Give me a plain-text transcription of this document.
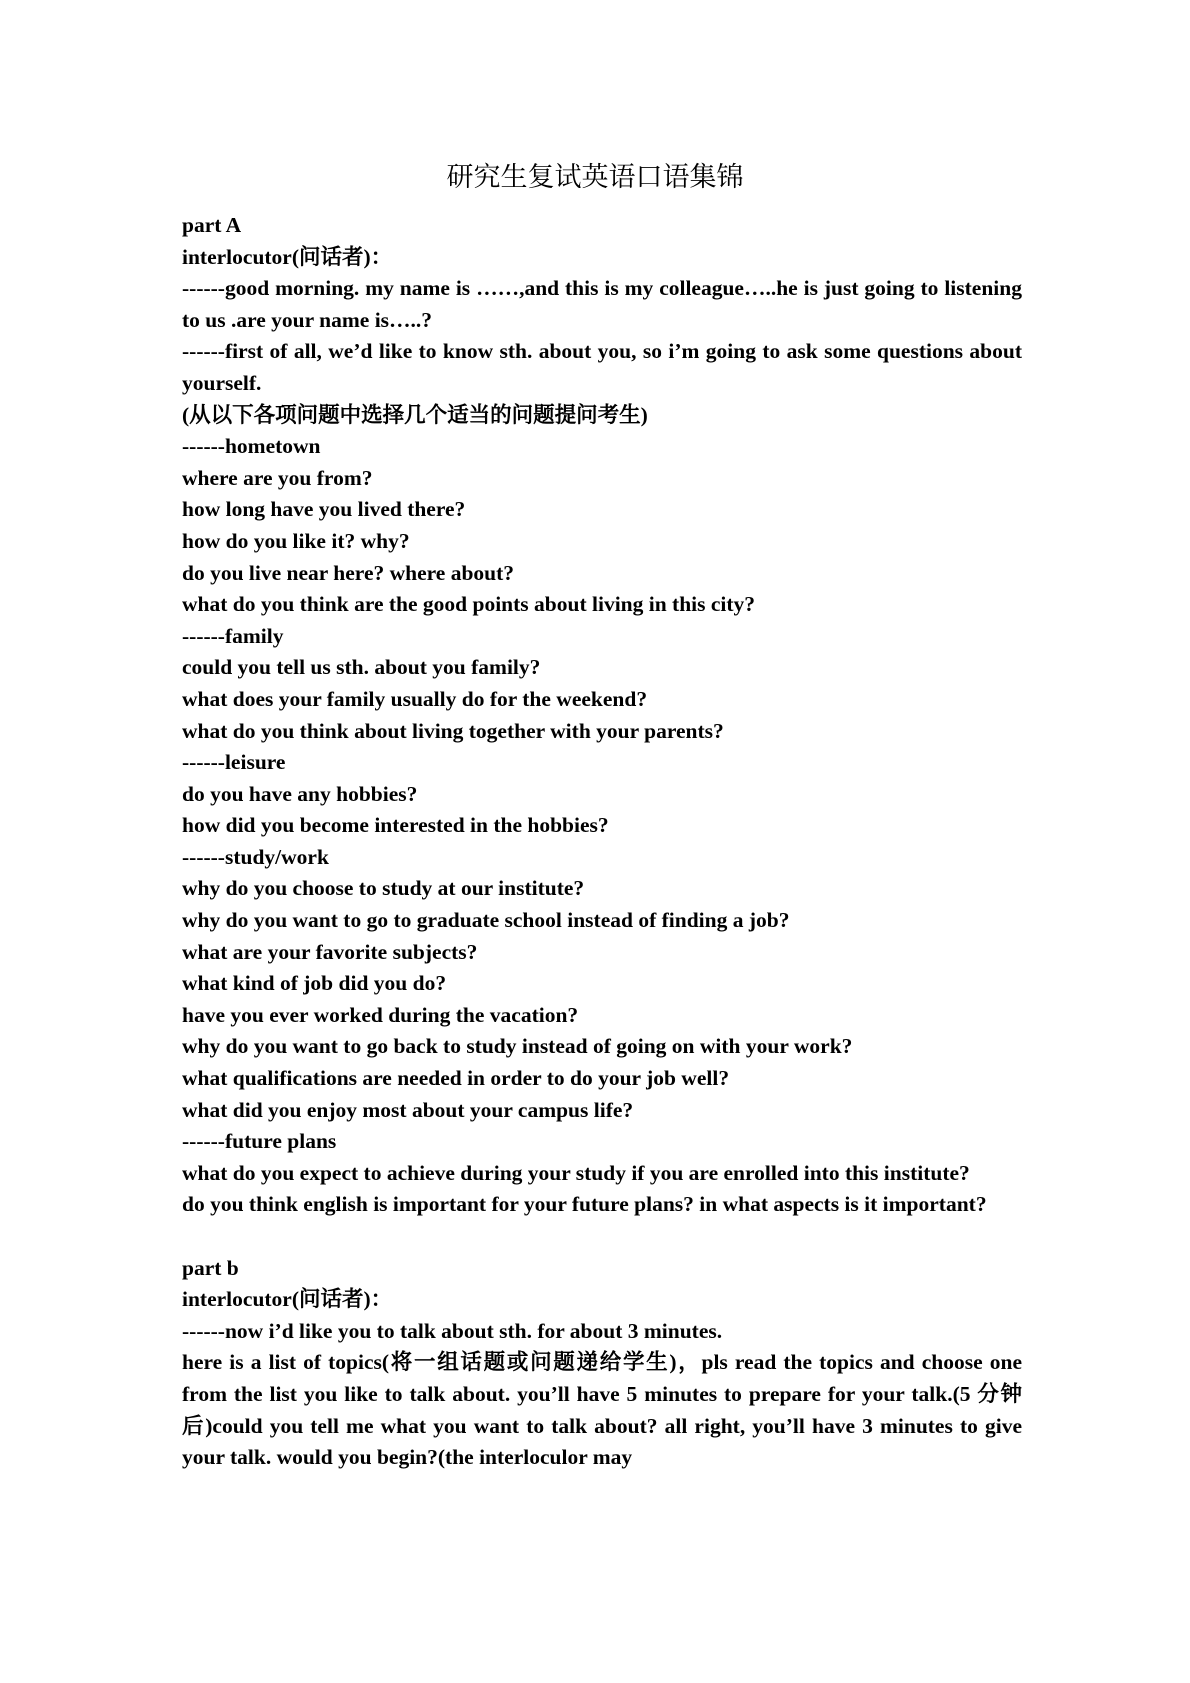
研究生复试英语口语集锦
part A
interlocutor(问话者)：
------good morning. my name is ……,and this is my colleague…..he is just going to listening to us .are your name is…..?
------first of all, we’d like to know sth. about you, so i’m going to ask some questions about yourself.
(从以下各项问题中选择几个适当的问题提问考生)
------hometown
where are you from?
how long have you lived there?
how do you like it? why?
do you live near here? where about?
what do you think are the good points about living in this city?
------family
could you tell us sth. about you family?
what does your family usually do for the weekend?
what do you think about living together with your parents?
------leisure
do you have any hobbies?
how did you become interested in the hobbies?
------study/work
why do you choose to study at our institute?
why do you want to go to graduate school instead of finding a job?
what are your favorite subjects?
what kind of job did you do?
have you ever worked during the vacation?
why do you want to go back to study instead of going on with your work?
what qualifications are needed in order to do your job well?
what did you enjoy most about your campus life?
------future plans
what do you expect to achieve during your study if you are enrolled into this institute?
do you think english is important for your future plans? in what aspects is it important?
part b
interlocutor(问话者)：
------now i’d like you to talk about sth. for about 3 minutes.
here is a list of topics(将一组话题或问题递给学生)，pls read the topics and choose one from the list you like to talk about. you’ll have 5 minutes to prepare for your talk.(5 分钟后)could you tell me what you want to talk about? all right, you’ll have 3 minutes to give your talk. would you begin?(the interloculor may
